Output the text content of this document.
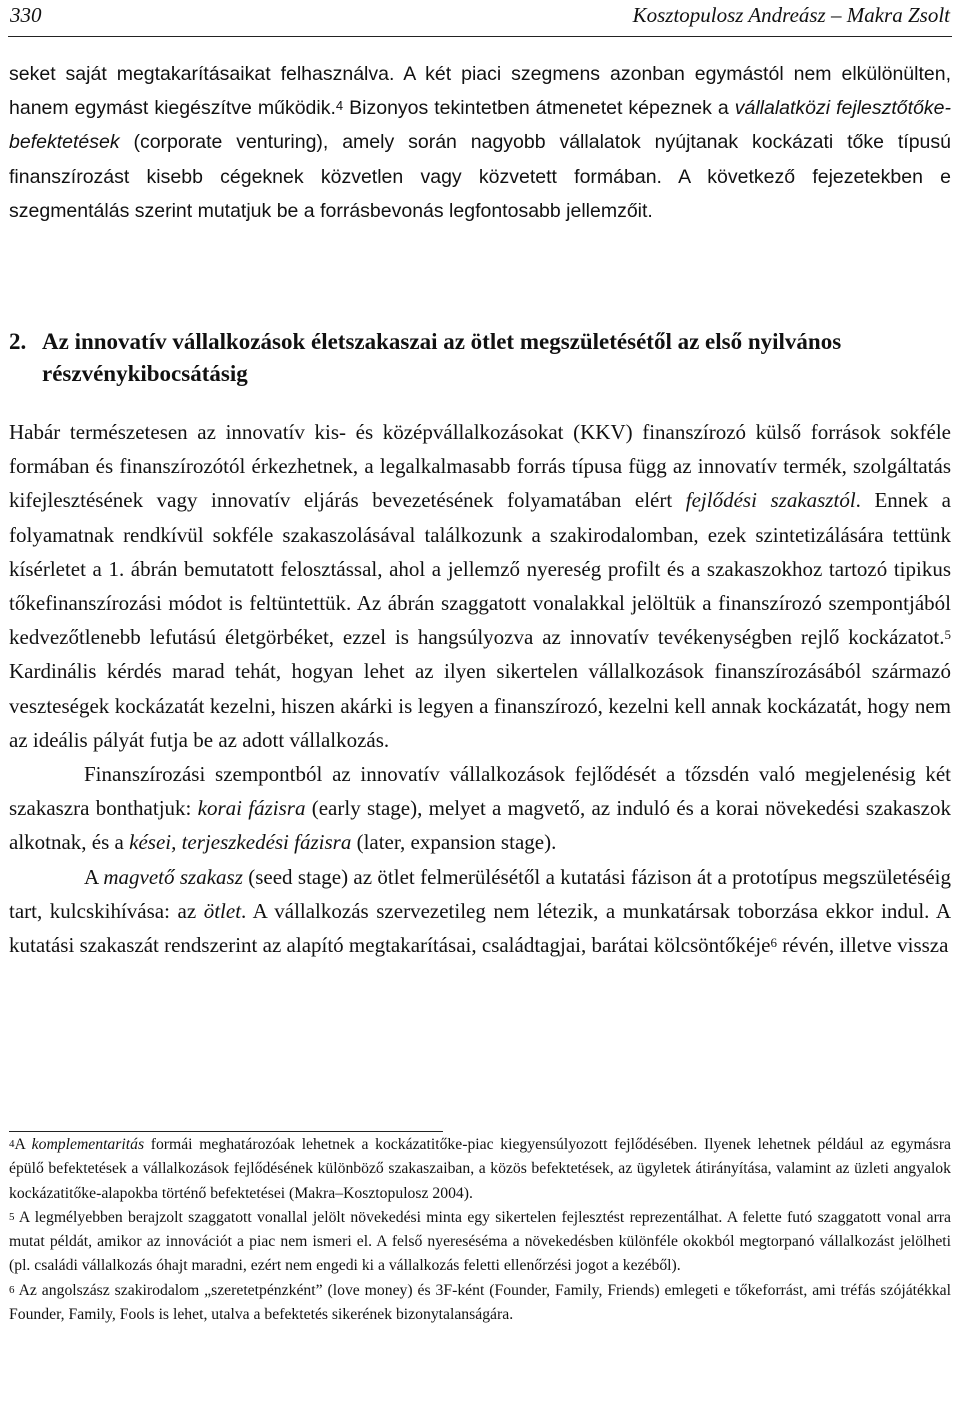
330	Kosztopulosz Andreász – Makra Zsolt

seket saját megtakarításaikat felhasználva. A két piaci szegmens azonban egymástól nem elkülönülten, hanem egymást kiegészítve működik.$^4$ Bizonyos tekintetben átmenetet képeznek a vállalatközi fejlesztőtőke-befektetések (corporate venturing), amely során nagyobb vállalatok nyújtanak kockázati tőke típusú finanszírozást kisebb cégeknek közvetlen vagy közvetett formában. A következő fejezetekben e szegmentálás szerint mutatjuk be a forrásbevonás legfontosabb jellemzőit.

2. Az innovatív vállalkozások életszakaszai az ötlet megszületésétől az első nyilvános részvénykibocsátásig

Habár természetesen az innovatív kis- és középvállalkozásokat (KKV) finanszírozó külső források sokféle formában és finanszírozótól érkezhetnek, a legalkalmasabb forrás típusa függ az innovatív termék, szolgáltatás kifejlesztésének vagy innovatív eljárás bevezetésének folyamatában elért fejlődési szakasztól. Ennek a folyamatnak rendkívül sokféle szakaszolásával találkozunk a szakirodalomban, ezek szintetizálására tettünk kísérletet a 1. ábrán bemutatott felosztással, ahol a jellemző nyereség profilt és a szakaszokhoz tartozó tipikus tőkefinanszírozási módot is feltüntettük. Az ábrán szaggatott vonalakkal jelöltük a finanszírozó szempontjából kedvezőtlenebb lefutású életgörbéket, ezzel is hangsúlyozva az innovatív tevékenységben rejlő kockázatot.$^5$ Kardinális kérdés marad tehát, hogyan lehet az ilyen sikertelen vállalkozások finanszírozásából származó veszteségek kockázatát kezelni, hiszen akárki is legyen a finanszírozó, kezelni kell annak kockázatát, hogy nem az ideális pályát futja be az adott vállalkozás.

Finanszírozási szempontból az innovatív vállalkozások fejlődését a tőzsdén való megjelenésig két szakaszra bonthatjuk: korai fázisra (early stage), melyet a magvető, az induló és a korai növekedési szakaszok alkotnak, és a kései, terjeszkedési fázisra (later, expansion stage).

A magvető szakasz (seed stage) az ötlet felmerülésétől a kutatási fázison át a prototípus megszületéséig tart, kulcskihívása: az ötlet. A vállalkozás szervezetileg nem létezik, a munkatársak toborzása ekkor indul. A kutatási szakaszát rendszerint az alapító megtakarításai, családtagjai, barátai kölcsöntőkéje$^6$ révén, illetve vissza

$^4$A komplementaritás formái meghatározóak lehetnek a kockázatitőke-piac kiegyensúlyozott fejlődésében. Ilyenek lehetnek például az egymásra épülő befektetések a vállalkozások fejlődésének különböző szakaszaiban, a közös befektetések, az ügyletek átirányítása, valamint az üzleti angyalok kockázatitőke-alapokba történő befektetései (Makra–Kosztopulosz 2004).

$^5$ A legmélyebben berajzolt szaggatott vonallal jelölt növekedési minta egy sikertelen fejlesztést reprezentálhat. A felette futó szaggatott vonal arra mutat példát, amikor az innovációt a piac nem ismeri el. A felső nyereséséma a növekedésben különféle okokból megtorpanó vállalkozást jelölheti (pl. családi vállalkozás óhajt maradni, ezért nem engedi ki a vállalkozás feletti ellenőrzési jogot a kezéből).

$^6$ Az angolszász szakirodalom „szeretetpénzként” (love money) és 3F-ként (Founder, Family, Friends) emlegeti e tőkeforrást, ami tréfás szójátékkal Founder, Family, Fools is lehet, utalva a befektetés sikerének bizonytalanságára.
